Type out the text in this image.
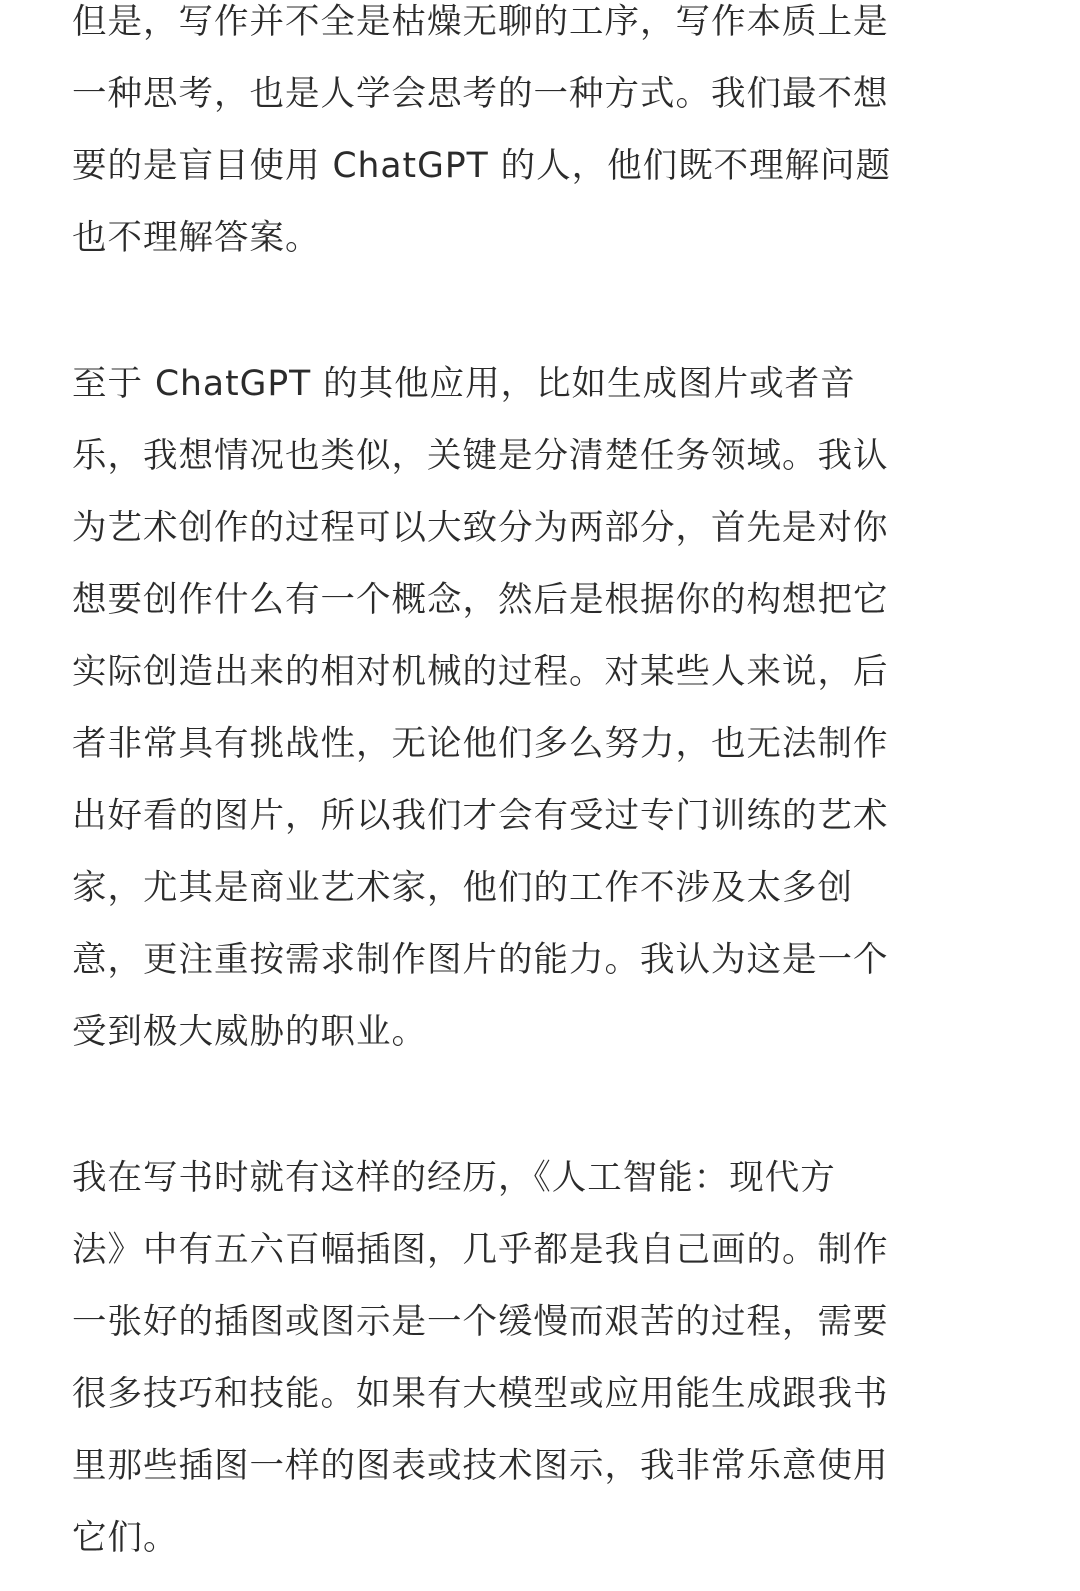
但是，写作并不全是枯燥无聊的工序，写作本质上是
一种思考，也是人学会思考的一种方式。我们最不想
要的是盲目使用 ChatGPT 的人，他们既不理解问题
也不理解答案。
至于 ChatGPT 的其他应用，比如生成图片或者音
乐，我想情况也类似，关键是分清楚任务领域。我认
为艺术创作的过程可以大致分为两部分，首先是对你
想要创作什么有一个概念，然后是根据你的构想把它
实际创造出来的相对机械的过程。对某些人来说，后
者非常具有挑战性，无论他们多么努力，也无法制作
出好看的图片，所以我们才会有受过专门训练的艺术
家，尤其是商业艺术家，他们的工作不涉及太多创
意，更注重按需求制作图片的能力。我认为这是一个
受到极大威胁的职业。
我在写书时就有这样的经历，《人工智能：现代方
法》中有五六百幅插图，几乎都是我自己画的。制作
一张好的插图或图示是一个缓慢而艰苦的过程，需要
很多技巧和技能。如果有大模型或应用能生成跟我书
里那些插图一样的图表或技术图示，我非常乐意使用
它们。
